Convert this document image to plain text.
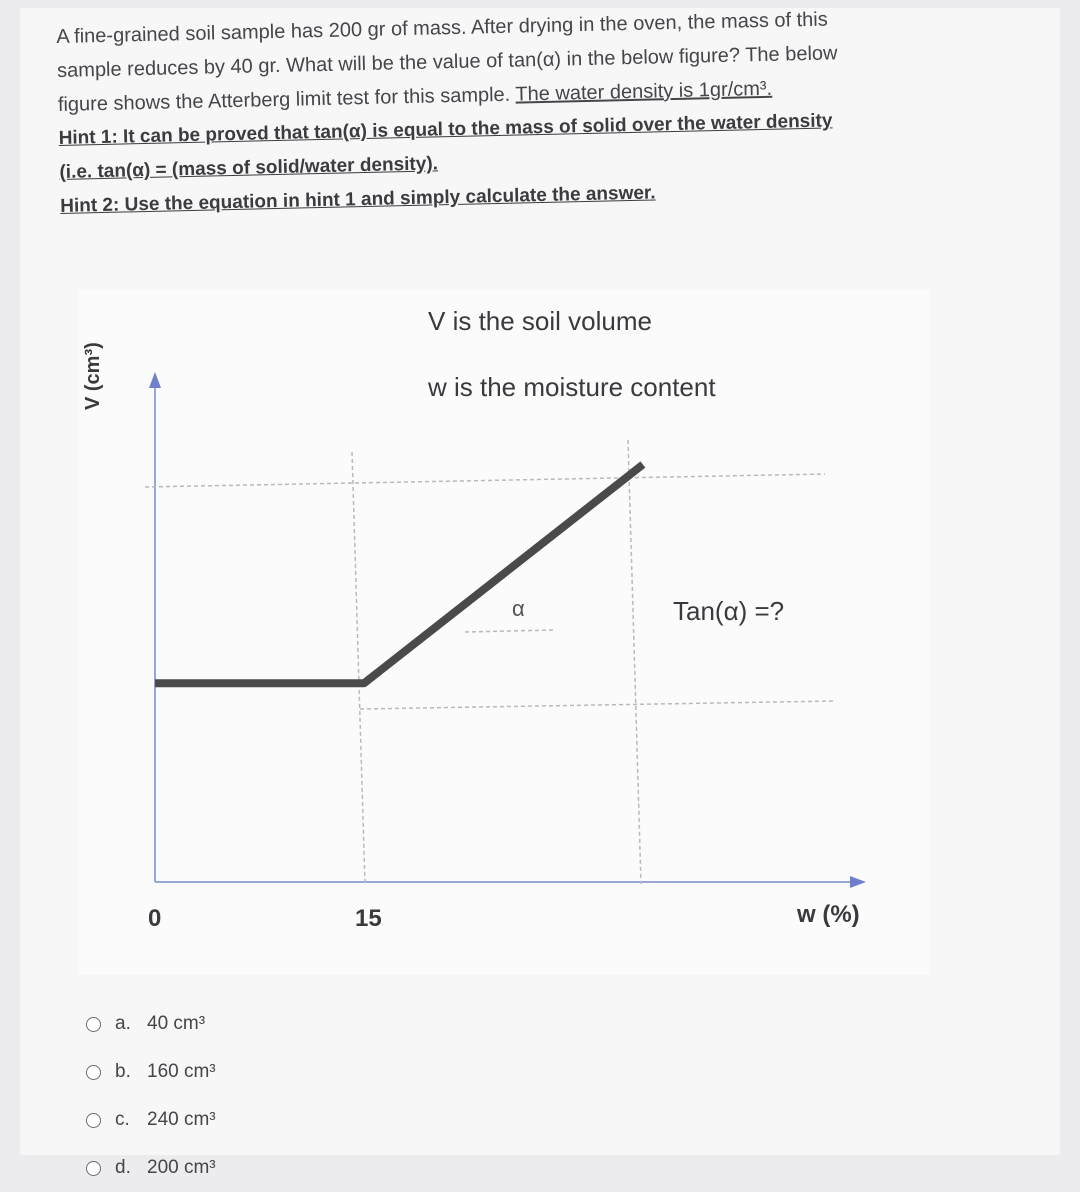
A fine-grained soil sample has 200 gr of mass. After drying in the oven, the mass of this
sample reduces by 40 gr. What will be the value of tan(α) in the below figure? The below
figure shows the Atterberg limit test for this sample. The water density is 1gr/cm³.
Hint 1: It can be proved that tan(α) is equal to the mass of solid over the water density
(i.e. tan(α) = (mass of solid/water density).
Hint 2: Use the equation in hint 1 and simply calculate the answer.
V is the soil volume
w is the moisture content
V (cm³)
0	15	w (%)
α	Tan(α) =?
a. 40 cm³
b. 160 cm³
c. 240 cm³
d. 200 cm³
